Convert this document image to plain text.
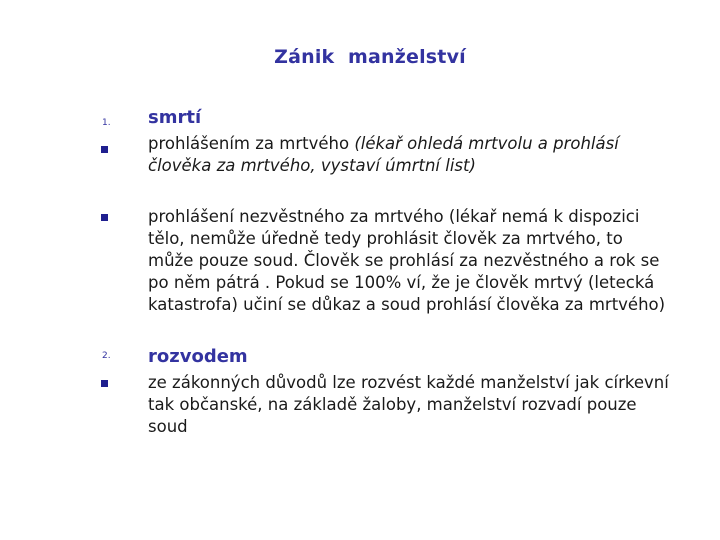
Zánik  manželství
1. smrtí
prohlášením za mrtvého (lékař ohledá mrtvolu a prohlásí
člověka za mrtvého, vystaví úmrtní list)
prohlášení nezvěstného za mrtvého (lékař nemá k dispozici
tělo, nemůže úředně tedy prohlásit člověk za mrtvého, to
může pouze soud. Člověk se prohlásí za nezvěstného a rok se
po něm pátrá . Pokud se 100% ví, že je člověk mrtvý (letecká
katastrofa) učiní se důkaz a soud prohlásí člověka za mrtvého)
2. rozvodem
ze zákonných důvodů lze rozvést každé manželství jak církevní
tak občanské, na základě žaloby, manželství rozvadí pouze
soud
